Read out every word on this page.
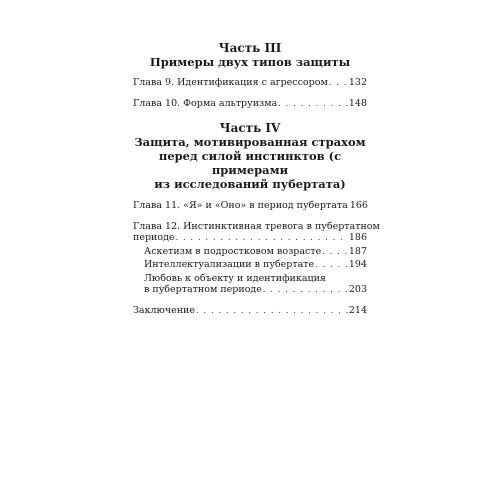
Часть III
Примеры двух типов защиты
Глава 9. Идентификация с агрессором . . . 132
Глава 10. Форма альтруизма . . .	148
Часть IV
Защита, мотивированная страхом
перед силой инстинктов (с примерами
из исследований пубертата)
Глава 11. «Я» и «Оно» в период пубертата 166
Глава 12. Инстинктивная тревога в пубертатном
периоде . . .	186
Аскетизм в подростковом возрасте . . .	187
Интеллектуализации в пубертате . . .	194
Любовь к объекту и идентификация
в пубертатном периоде . . .	203
Заключение . . .	214
